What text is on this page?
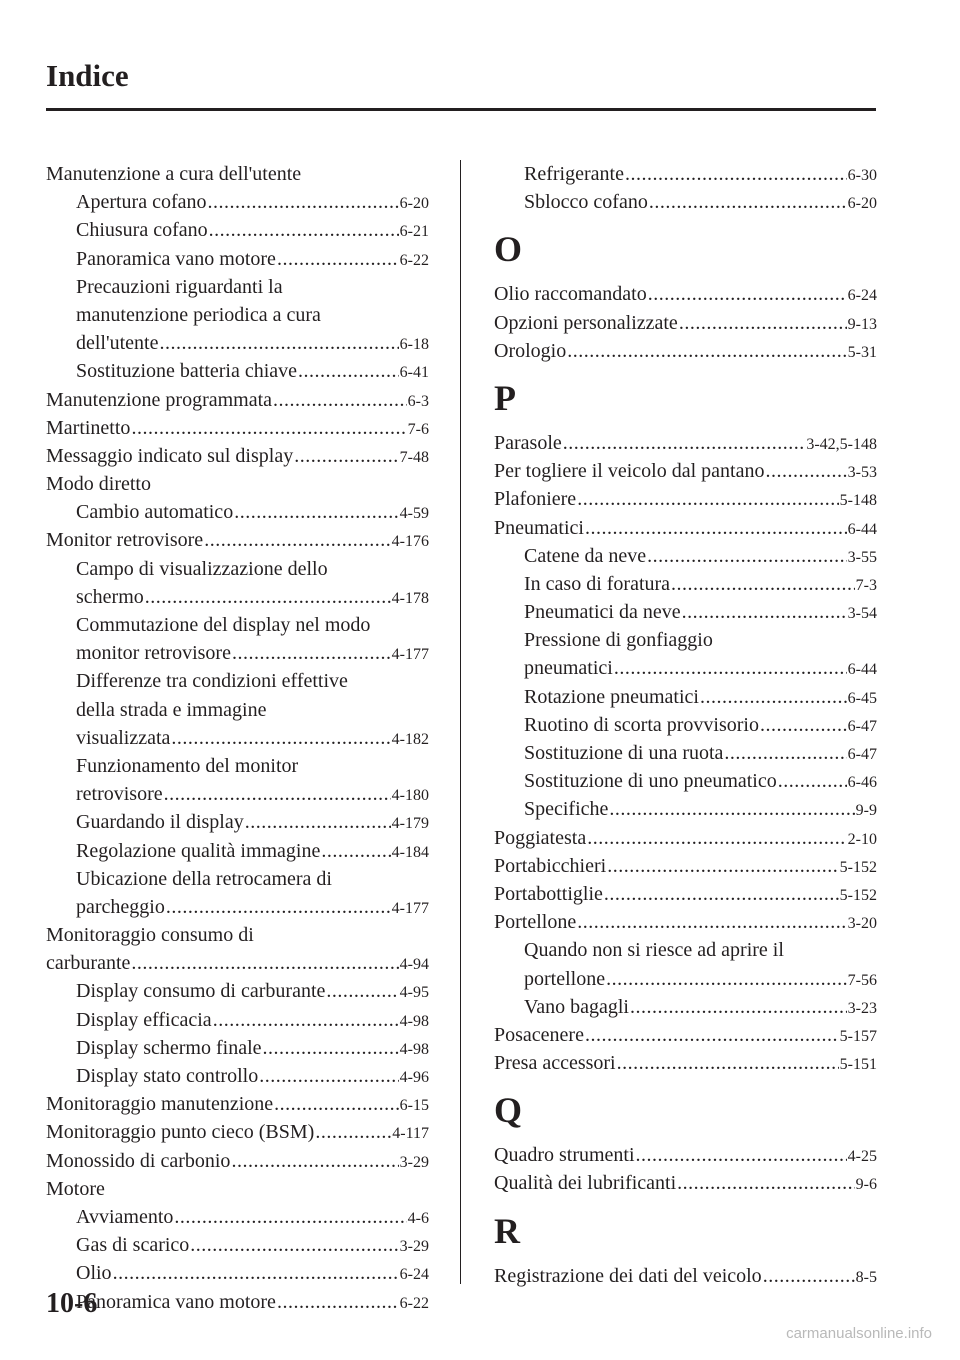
Indice
Manutenzione a cura dell'utente
Apertura cofano .....	6-20
Chiusura cofano .....	6-21
Panoramica vano motore .....	6-22
Precauzioni riguardanti la
manutenzione periodica a cura
dell'utente .....	6-18
Sostituzione batteria chiave .....	6-41
Manutenzione programmata .....	6-3
Martinetto .....	7-6
Messaggio indicato sul display .....	7-48
Modo diretto
Cambio automatico .....	4-59
Monitor retrovisore .....	4-176
Campo di visualizzazione dello
schermo .....	4-178
Commutazione del display nel modo
monitor retrovisore .....	4-177
Differenze tra condizioni effettive
della strada e immagine
visualizzata .....	4-182
Funzionamento del monitor
retrovisore .....	4-180
Guardando il display .....	4-179
Regolazione qualità immagine .....	4-184
Ubicazione della retrocamera di
parcheggio .....	4-177
Monitoraggio consumo di
carburante .....	4-94
Display consumo di carburante .....	4-95
Display efficacia .....	4-98
Display schermo finale .....	4-98
Display stato controllo .....	4-96
Monitoraggio manutenzione .....	6-15
Monitoraggio punto cieco (BSM) .....	4-117
Monossido di carbonio .....	3-29
Motore
Avviamento .....	4-6
Gas di scarico .....	3-29
Olio .....	6-24
Panoramica vano motore .....	6-22
Refrigerante .....	6-30
Sblocco cofano .....	6-20
O
Olio raccomandato .....	6-24
Opzioni personalizzate .....	9-13
Orologio .....	5-31
P
Parasole .....	3-42,5-148
Per togliere il veicolo dal pantano .....	3-53
Plafoniere .....	5-148
Pneumatici .....	6-44
Catene da neve .....	3-55
In caso di foratura .....	7-3
Pneumatici da neve .....	3-54
Pressione di gonfiaggio
pneumatici .....	6-44
Rotazione pneumatici .....	6-45
Ruotino di scorta provvisorio .....	6-47
Sostituzione di una ruota .....	6-47
Sostituzione di uno pneumatico .....	6-46
Specifiche .....	9-9
Poggiatesta .....	2-10
Portabicchieri .....	5-152
Portabottiglie .....	5-152
Portellone .....	3-20
Quando non si riesce ad aprire il
portellone .....	7-56
Vano bagagli .....	3-23
Posacenere .....	5-157
Presa accessori .....	5-151
Q
Quadro strumenti .....	4-25
Qualità dei lubrificanti .....	9-6
R
Registrazione dei dati del veicolo .....	8-5

10-6

carmanualsonline.info
